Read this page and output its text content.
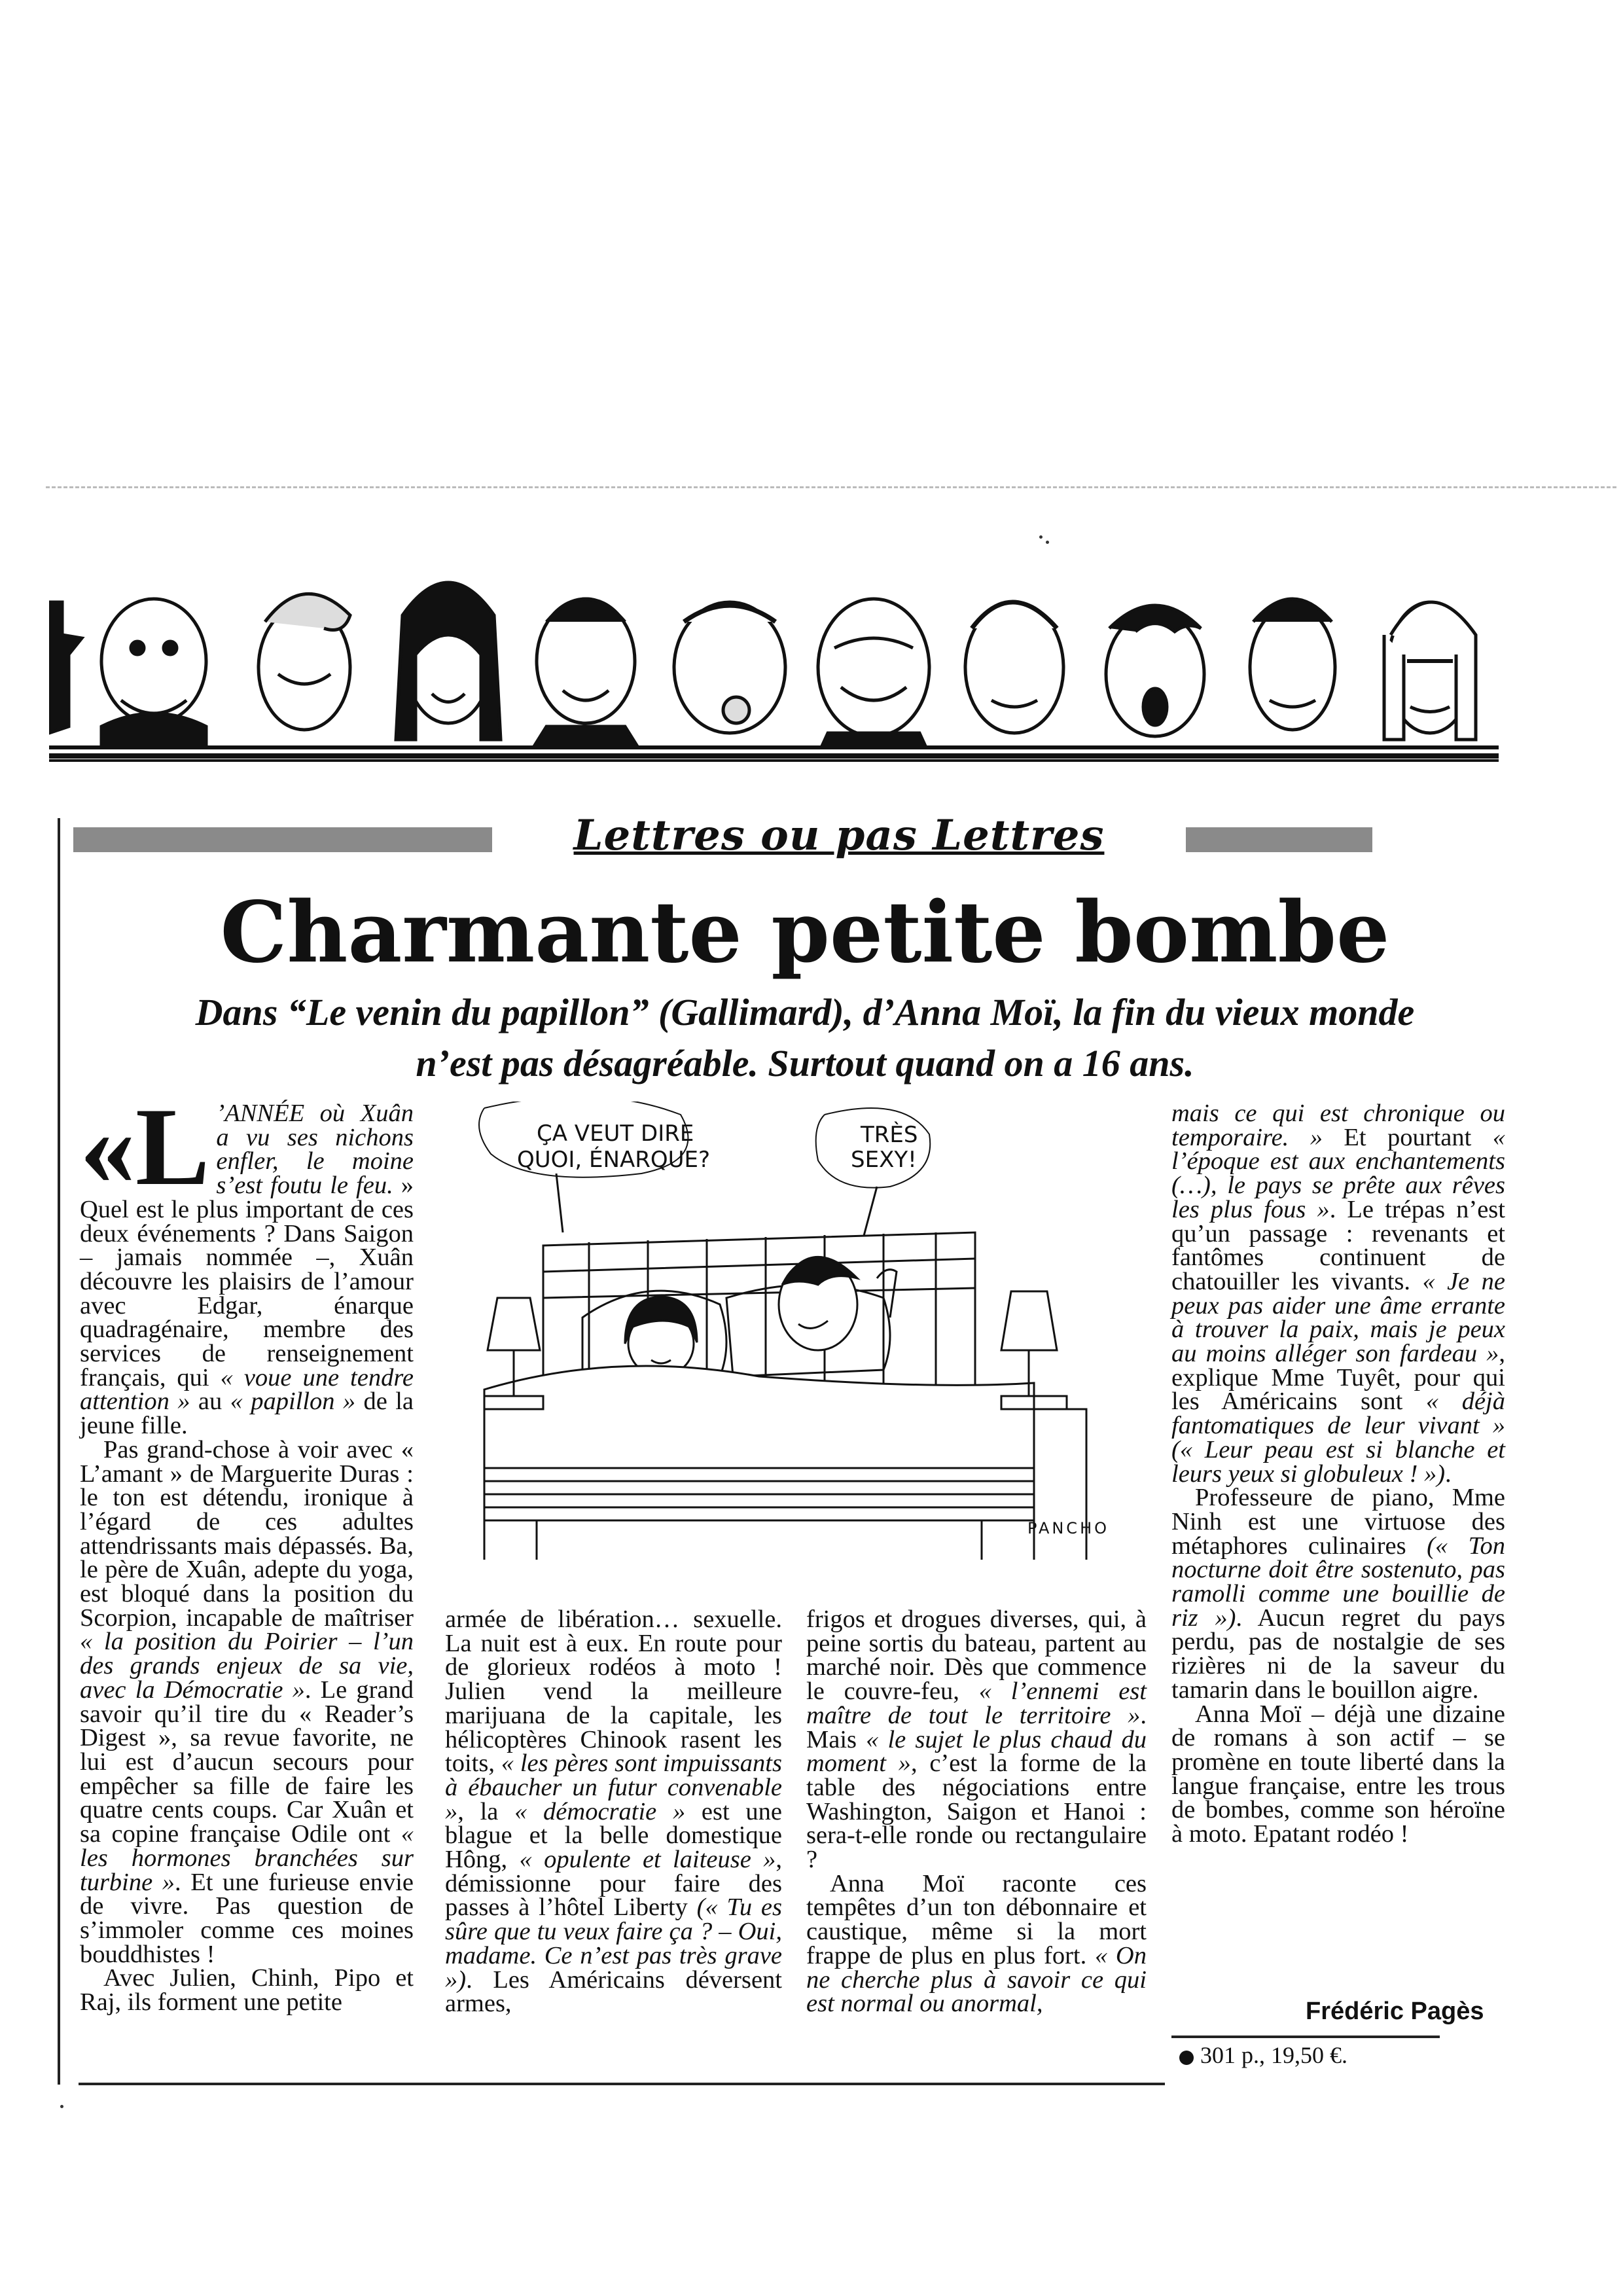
Lettres ou pas Lettres
Charmante petite bombe
Dans “Le venin du papillon” (Gallimard), d’Anna Moï, la fin du vieux monde
n’est pas désagréable. Surtout quand on a 16 ans.

«L ’ANNÉE où Xuân a vu ses nichons enfler, le moine s’est foutu le feu. » Quel est le plus important de ces deux événements ? Dans Saigon – jamais nommée –, Xuân découvre les plaisirs de l’amour avec Edgar, énarque quadragénaire, membre des services de renseignement français, qui « voue une tendre attention » au « papillon » de la jeune fille.

Pas grand-chose à voir avec « L’amant » de Marguerite Duras : le ton est détendu, ironique à l’égard de ces adultes attendrissants mais dépassés. Ba, le père de Xuân, adepte du yoga, est bloqué dans la position du Scorpion, incapable de maîtriser « la position du Poirier – l’un des grands enjeux de sa vie, avec la Démocratie ». Le grand savoir qu’il tire du « Reader’s Digest », sa revue favorite, ne lui est d’aucun secours pour empêcher sa fille de faire les quatre cents coups. Car Xuân et sa copine française Odile ont « les hormones branchées sur turbine ». Et une furieuse envie de vivre. Pas question de s’immoler comme ces moines bouddhistes !

Avec Julien, Chinh, Pipo et Raj, ils forment une petite

ÇA VEUT DIRE
QUOI, ÉNARQUE?
TRÈS
SEXY!
PANCHO

armée de libération… sexuelle. La nuit est à eux. En route pour de glorieux rodéos à moto ! Julien vend la meilleure marijuana de la capitale, les hélicoptères Chinook rasent les toits, « les pères sont impuissants à ébaucher un futur convenable », la « démocratie » est une blague et la belle domestique Hông, « opulente et laiteuse », démissionne pour faire des passes à l’hôtel Liberty (« Tu es sûre que tu veux faire ça ? – Oui, madame. Ce n’est pas très grave »). Les Américains déversent armes,

frigos et drogues diverses, qui, à peine sortis du bateau, partent au marché noir. Dès que commence le couvre-feu, « l’ennemi est maître de tout le territoire ». Mais « le sujet le plus chaud du moment », c’est la forme de la table des négociations entre Washington, Saigon et Hanoi : sera-t-elle ronde ou rectangulaire ?

Anna Moï raconte ces tempêtes d’un ton débonnaire et caustique, même si la mort frappe de plus en plus fort. « On ne cherche plus à savoir ce qui est normal ou anormal,

mais ce qui est chronique ou temporaire. » Et pourtant « l’époque est aux enchantements (…), le pays se prête aux rêves les plus fous ». Le trépas n’est qu’un passage : revenants et fantômes continuent de chatouiller les vivants. « Je ne peux pas aider une âme errante à trouver la paix, mais je peux au moins alléger son fardeau », explique Mme Tuyêt, pour qui les Américains sont « déjà fantomatiques de leur vivant » (« Leur peau est si blanche et leurs yeux si globuleux ! »).

Professeure de piano, Mme Ninh est une virtuose des métaphores culinaires (« Ton nocturne doit être sostenuto, pas ramolli comme une bouillie de riz »). Aucun regret du pays perdu, pas de nostalgie de ses rizières ni de la saveur du tamarin dans le bouillon aigre.

Anna Moï – déjà une dizaine de romans à son actif – se promène en toute liberté dans la langue française, entre les trous de bombes, comme son héroïne à moto. Epatant rodéo !

Frédéric Pagès
301 p., 19,50 €.
